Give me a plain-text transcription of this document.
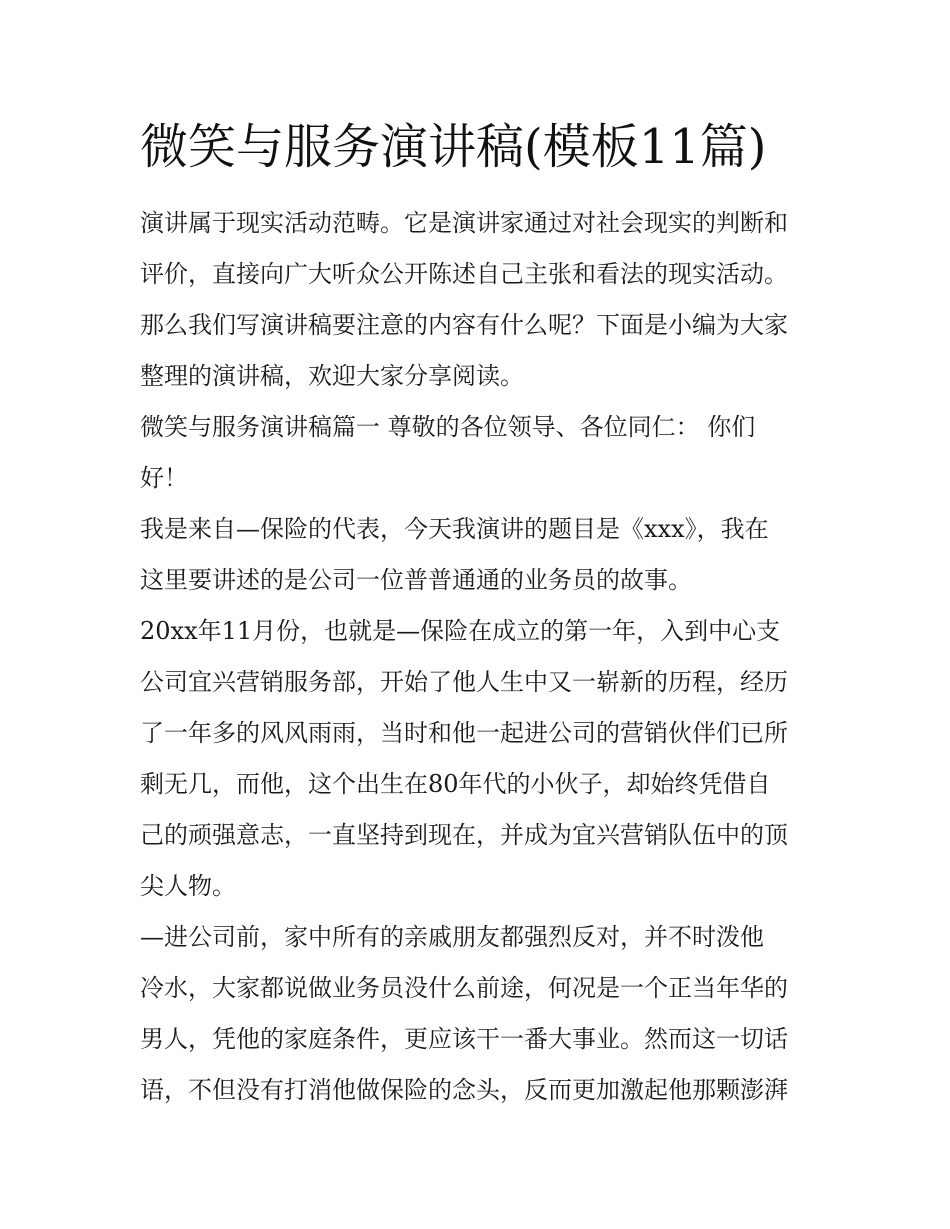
微笑与服务演讲稿(模板11篇)
演讲属于现实活动范畴。它是演讲家通过对社会现实的判断和
评价，直接向广大听众公开陈述自己主张和看法的现实活动。
那么我们写演讲稿要注意的内容有什么呢？下面是小编为大家
整理的演讲稿，欢迎大家分享阅读。
微笑与服务演讲稿篇一 尊敬的各位领导、各位同仁： 你们
好！
我是来自—保险的代表，今天我演讲的题目是《xxx》，我在
这里要讲述的是公司一位普普通通的业务员的故事。
20xx年11月份，也就是—保险在成立的第一年，入到中心支
公司宜兴营销服务部，开始了他人生中又一崭新的历程，经历
了一年多的风风雨雨，当时和他一起进公司的营销伙伴们已所
剩无几，而他，这个出生在80年代的小伙子，却始终凭借自
己的顽强意志，一直坚持到现在，并成为宜兴营销队伍中的顶
尖人物。
—进公司前，家中所有的亲戚朋友都强烈反对，并不时泼他
冷水，大家都说做业务员没什么前途，何况是一个正当年华的
男人，凭他的家庭条件，更应该干一番大事业。然而这一切话
语，不但没有打消他做保险的念头，反而更加激起他那颗澎湃
